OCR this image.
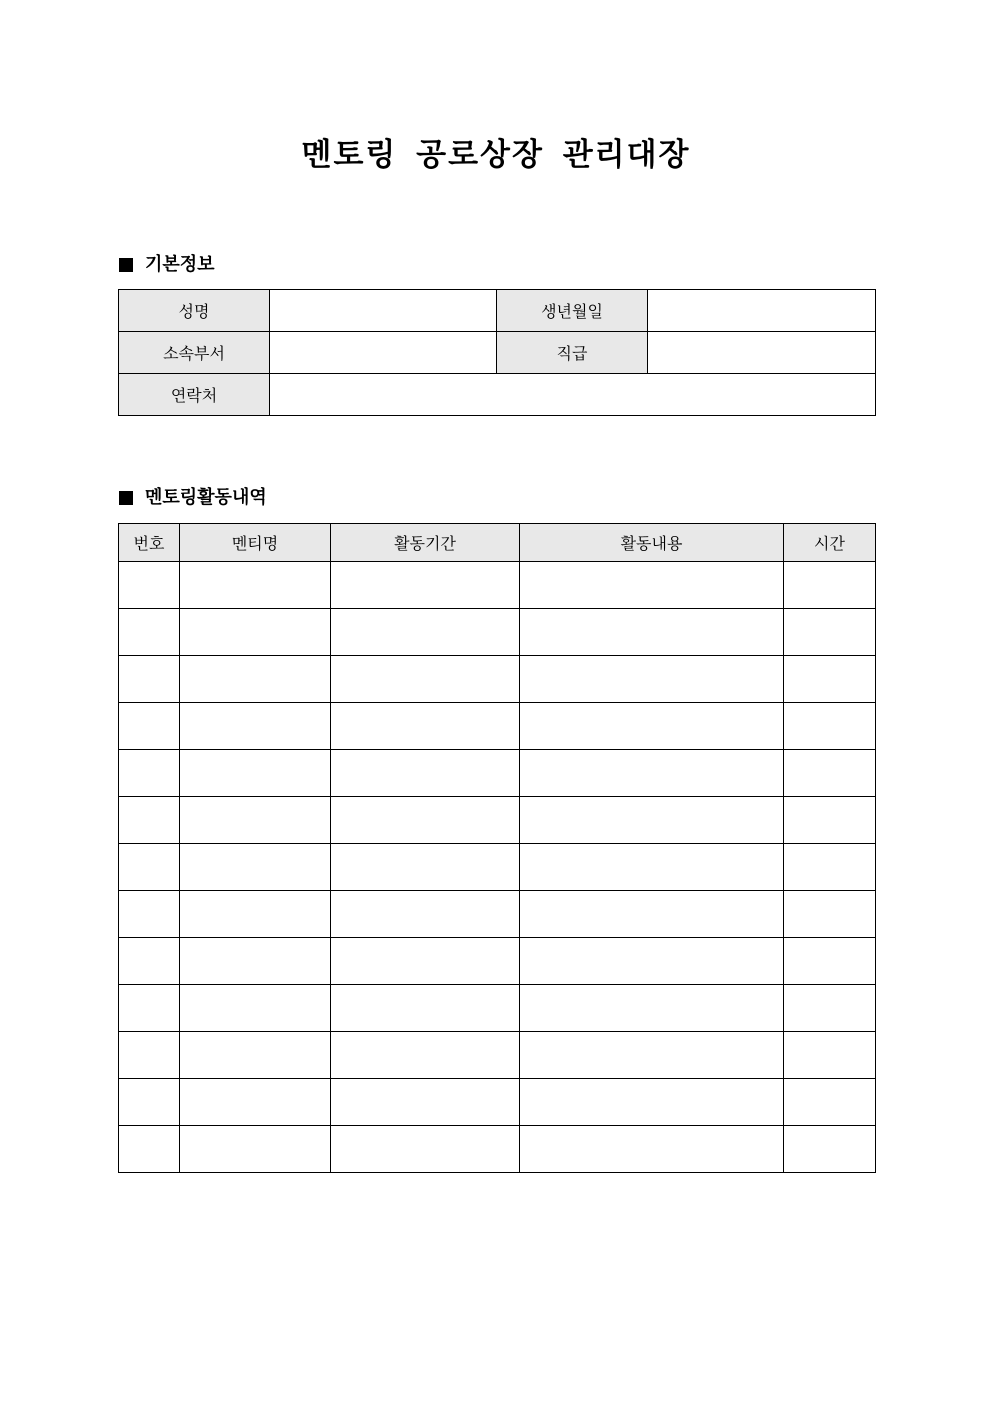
멘토링 공로상장 관리대장
기본정보
성명		생년월일	
소속부서		직급	
연락처			
멘토링활동내역
번호	멘티명	활동기간	활동내용	시간
